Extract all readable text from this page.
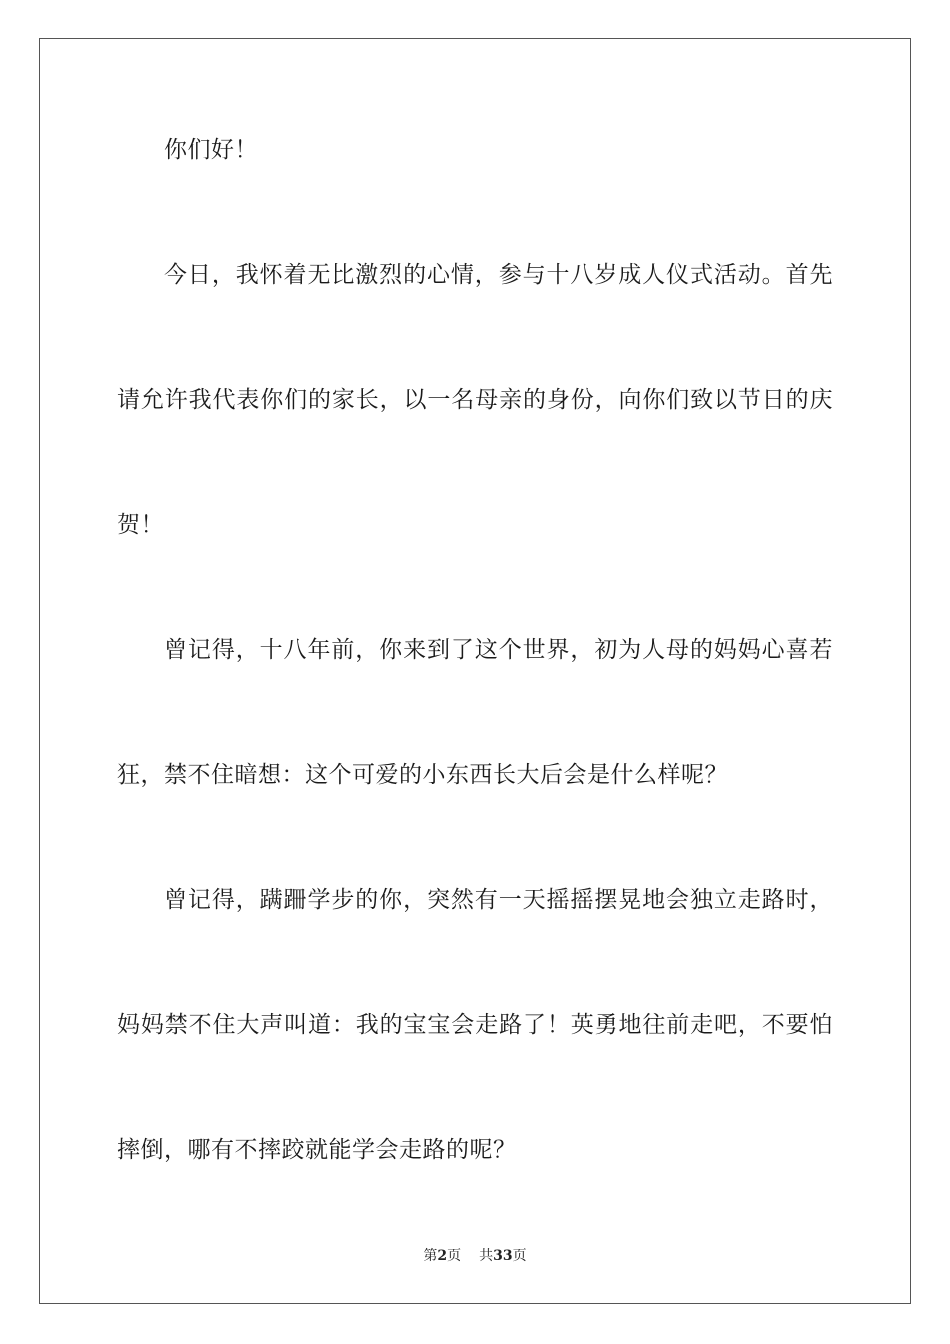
你们好！

今日，我怀着无比激烈的心情，参与十八岁成人仪式活动。首先

请允许我代表你们的家长，以一名母亲的身份，向你们致以节日的庆

贺！

曾记得，十八年前，你来到了这个世界，初为人母的妈妈心喜若

狂，禁不住暗想：这个可爱的小东西长大后会是什么样呢？

曾记得，蹒跚学步的你，突然有一天摇摇摆晃地会独立走路时，

妈妈禁不住大声叫道：我的宝宝会走路了！英勇地往前走吧，不要怕

摔倒，哪有不摔跤就能学会走路的呢？

第2页 共33页
